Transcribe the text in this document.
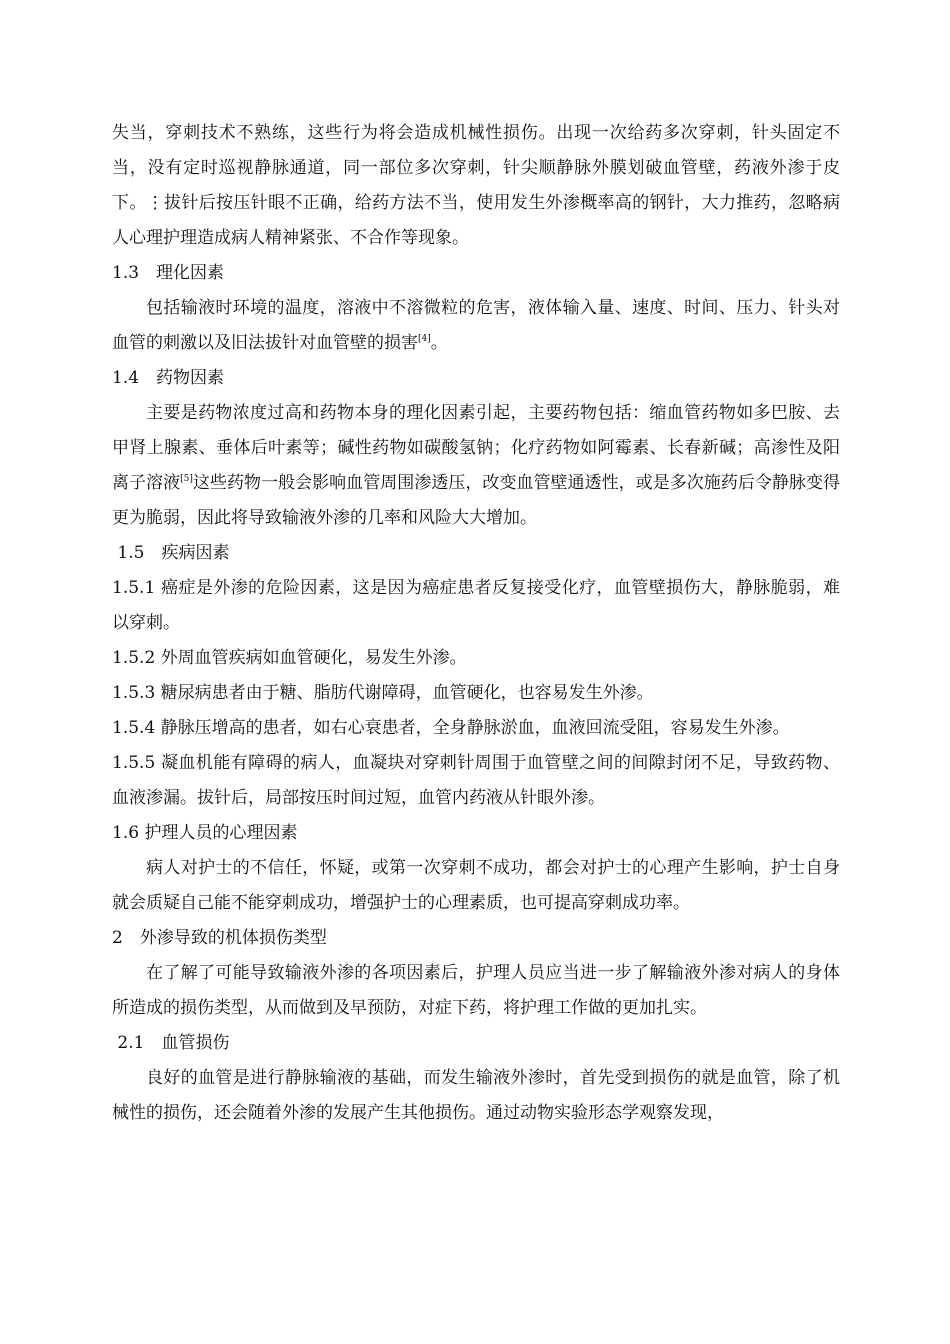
失当，穿刺技术不熟练，这些行为将会造成机械性损伤。出现一次给药多次穿刺，针头固定不当，没有定时巡视静脉通道，同一部位多次穿刺，针尖顺静脉外膜划破血管壁，药液外渗于皮下。⋮拔针后按压针眼不正确，给药方法不当，使用发生外渗概率高的钢针，大力推药，忽略病人心理护理造成病人精神紧张、不合作等现象。

1.3　理化因素

包括输液时环境的温度，溶液中不溶微粒的危害，液体输入量、速度、时间、压力、针头对血管的刺激以及旧法拔针对血管壁的损害[4]。

1.4　药物因素

主要是药物浓度过高和药物本身的理化因素引起，主要药物包括：缩血管药物如多巴胺、去甲肾上腺素、垂体后叶素等；碱性药物如碳酸氢钠；化疗药物如阿霉素、长春新碱；高渗性及阳离子溶液[5]这些药物一般会影响血管周围渗透压，改变血管壁通透性，或是多次施药后令静脉变得更为脆弱，因此将导致输液外渗的几率和风险大大增加。

1.5　疾病因素

1.5.1 癌症是外渗的危险因素，这是因为癌症患者反复接受化疗，血管壁损伤大，静脉脆弱，难以穿刺。

1.5.2 外周血管疾病如血管硬化，易发生外渗。

1.5.3 糖尿病患者由于糖、脂肪代谢障碍，血管硬化，也容易发生外渗。

1.5.4 静脉压增高的患者，如右心衰患者，全身静脉淤血，血液回流受阻，容易发生外渗。

1.5.5 凝血机能有障碍的病人，血凝块对穿刺针周围于血管壁之间的间隙封闭不足，导致药物、血液渗漏。拔针后，局部按压时间过短，血管内药液从针眼外渗。

1.6 护理人员的心理因素

病人对护士的不信任，怀疑，或第一次穿刺不成功，都会对护士的心理产生影响，护士自身就会质疑自己能不能穿刺成功，增强护士的心理素质，也可提高穿刺成功率。

2　外渗导致的机体损伤类型

在了解了可能导致输液外渗的各项因素后，护理人员应当进一步了解输液外渗对病人的身体所造成的损伤类型，从而做到及早预防，对症下药，将护理工作做的更加扎实。

2.1　血管损伤

良好的血管是进行静脉输液的基础，而发生输液外渗时，首先受到损伤的就是血管，除了机械性的损伤，还会随着外渗的发展产生其他损伤。通过动物实验形态学观察发现，
